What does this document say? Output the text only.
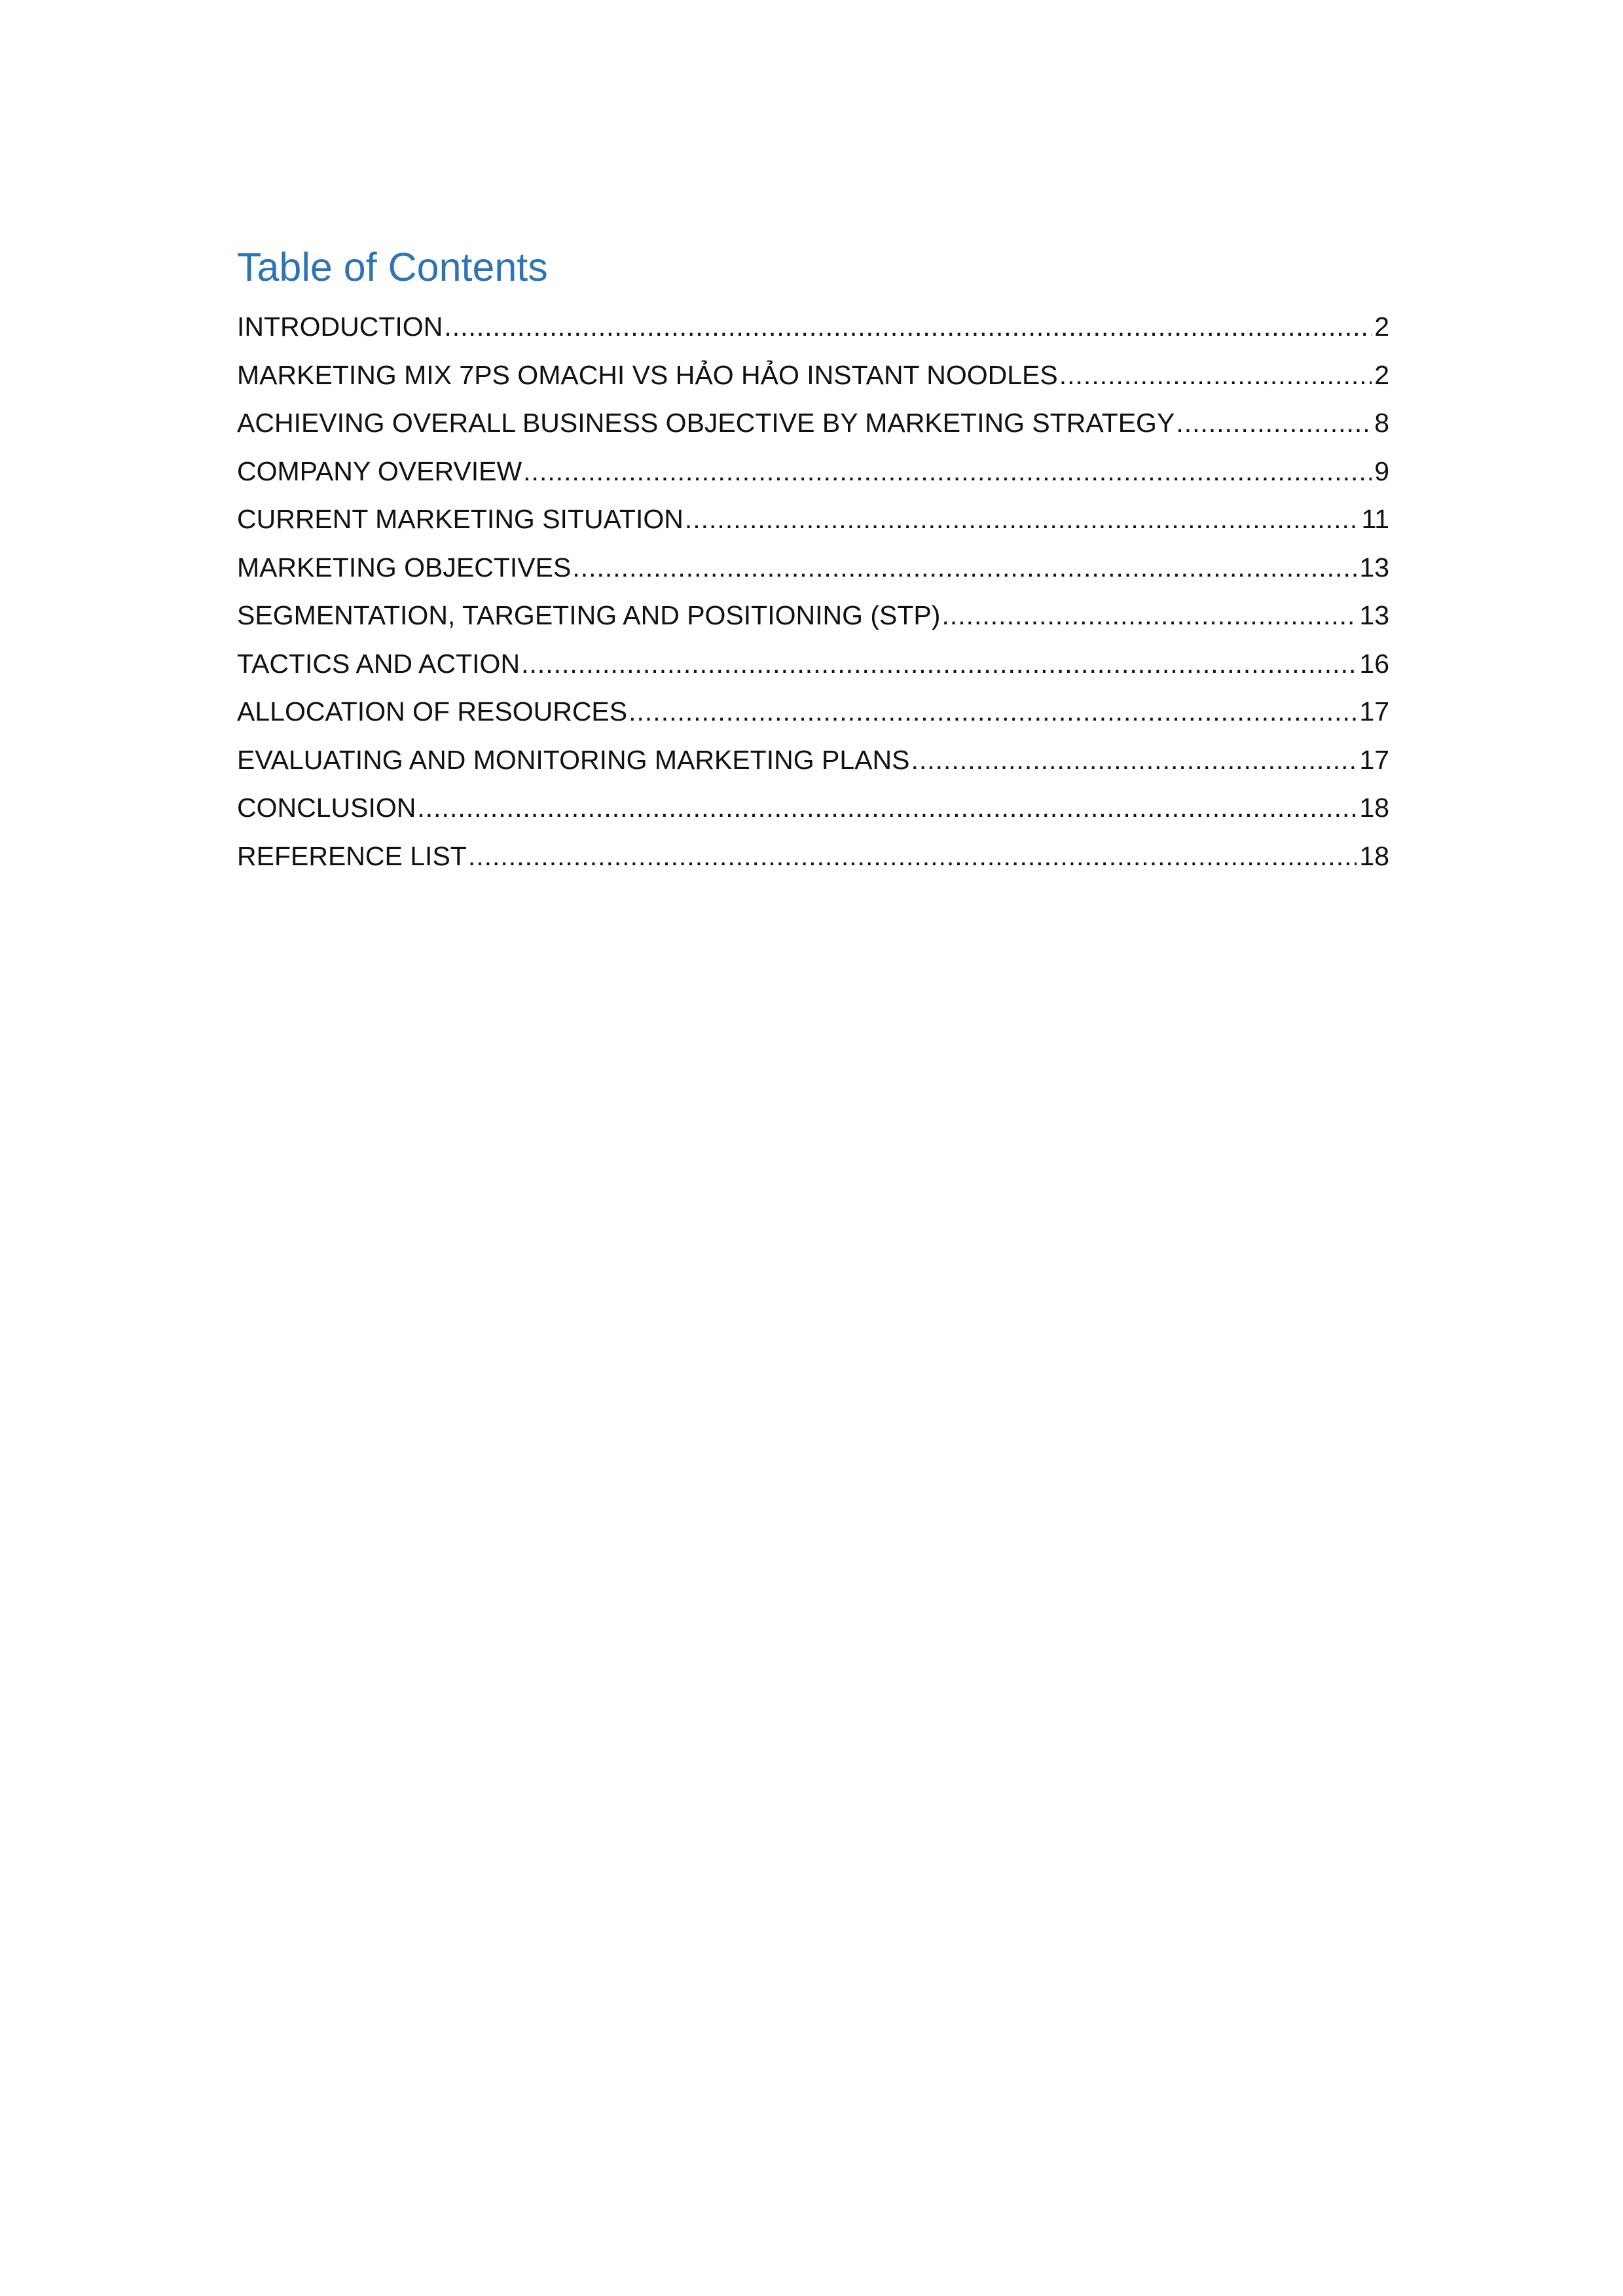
Table of Contents
INTRODUCTION .....	2
MARKETING MIX 7PS OMACHI VS HẢO HẢO INSTANT NOODLES .....	2
ACHIEVING OVERALL BUSINESS OBJECTIVE BY MARKETING STRATEGY .....	8
COMPANY OVERVIEW .....	9
CURRENT MARKETING SITUATION .....	11
MARKETING OBJECTIVES .....	13
SEGMENTATION, TARGETING AND POSITIONING (STP) .....	13
TACTICS AND ACTION .....	16
ALLOCATION OF RESOURCES .....	17
EVALUATING AND MONITORING MARKETING PLANS .....	17
CONCLUSION .....	18
REFERENCE LIST .....	18
